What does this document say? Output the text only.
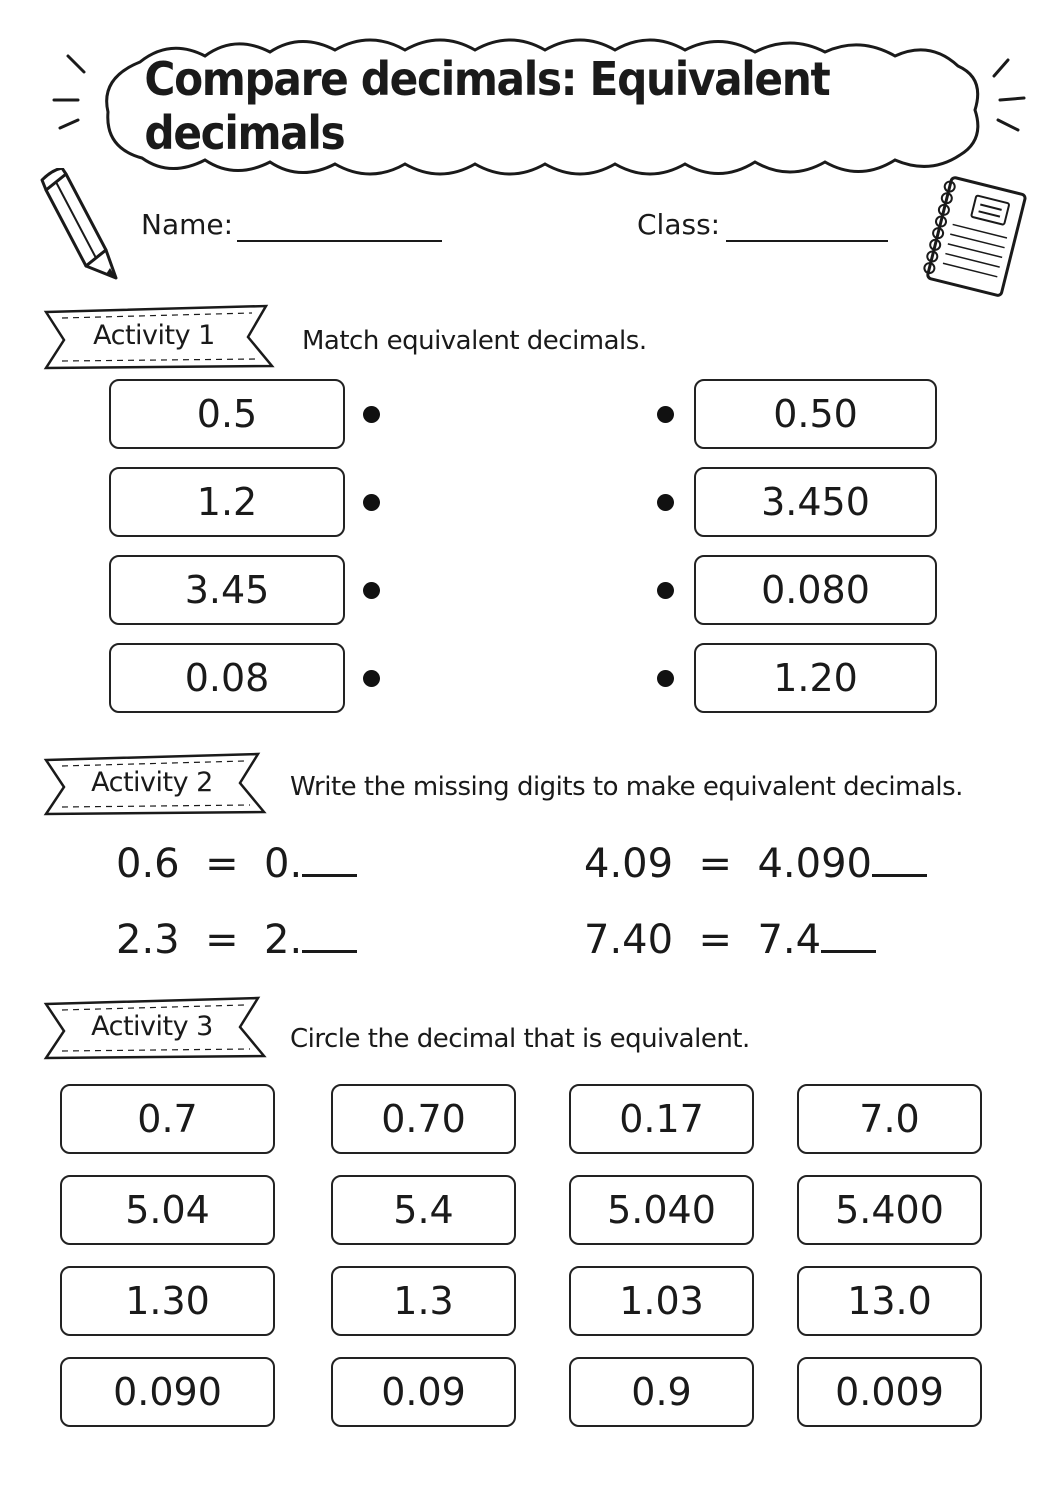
Compare decimals: Equivalent decimals
Name:	Class:
Activity 1	Match equivalent decimals.
0.5
1.2
3.45
0.08
0.50
3.450
0.080
1.20
Activity 2	Write the missing digits to make equivalent decimals.
0.6 = 0.	4.09 = 4.090
2.3 = 2.	7.40 = 7.4
Activity 3	Circle the decimal that is equivalent.
0.7	0.70	0.17	7.0
5.04	5.4	5.040	5.400
1.30	1.3	1.03	13.0
0.090	0.09	0.9	0.009
